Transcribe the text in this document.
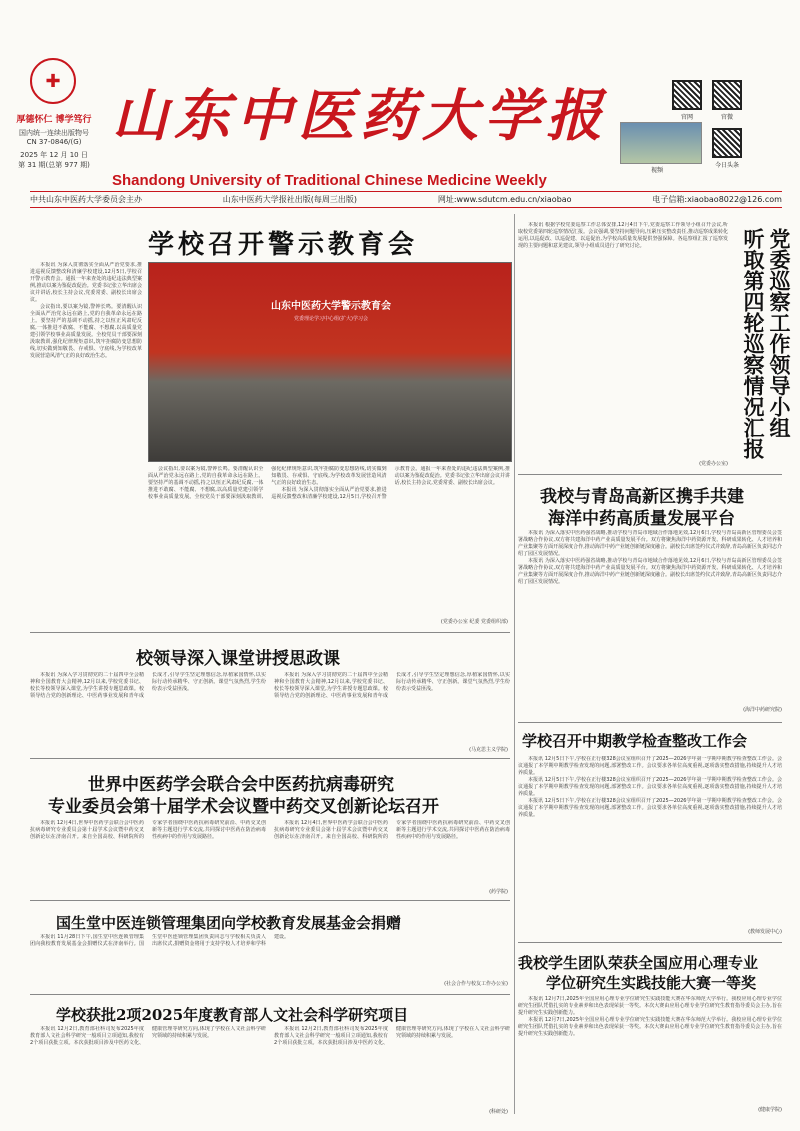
✚
厚德怀仁 博学笃行
国内统一连续出版物号
CN 37-0846/(G)
2025 年 12 月 10 日
第 31 期(总第 977 期)
山东中医药大学报
Shandong University of Traditional Chinese Medicine Weekly
官网	官微
今日头条
视频
中共山东中医药大学委员会主办	山东中医药大学报社出版(每周三出版)	网址:www.sdutcm.edu.cn/xiaobao	电子信箱:xiaobao8022@126.com
学校召开警示教育会

本报讯 为深入贯彻落实全面从严治党要求,推进巡视反馈整改和清廉学校建设,12月5日,学校召开警示教育会。通报一年来查处的违纪违法典型案例,推动以案为鉴促改促治。党委书记张立华出席会议并讲话,校长主持会议,党委常委、副校长出席会议。

会议指出,要以案为镜,警钟长鸣。要清醒认识全面从严治党永远在路上,党的自我革命永远在路上。要坚持严的基调不动摇,持之以恒正风肃纪反腐,一体推进不敢腐、不能腐、不想腐,以高质量党建引领学校事业高质量发展。全校党员干部要深刻汲取教训,强化纪律规矩意识,筑牢拒腐防变思想防线,切实做到知敬畏、存戒惧、守底线,为学校改革发展营造风清气正的良好政治生态。

山东中医药大学警示教育会
党委理论学习中心组(扩大)学习会

会议指出,要以案为镜,警钟长鸣。要清醒认识全面从严治党永远在路上,党的自我革命永远在路上。要坚持严的基调不动摇,持之以恒正风肃纪反腐,一体推进不敢腐、不能腐、不想腐,以高质量党建引领学校事业高质量发展。全校党员干部要深刻汲取教训,强化纪律规矩意识,筑牢拒腐防变思想防线,切实做到知敬畏、存戒惧、守底线,为学校改革发展营造风清气正的良好政治生态。

本报讯 为深入贯彻落实全面从严治党要求,推进巡视反馈整改和清廉学校建设,12月5日,学校召开警示教育会。通报一年来查处的违纪违法典型案例,推动以案为鉴促改促治。党委书记张立华出席会议并讲话,校长主持会议,党委常委、副校长出席会议。

(党委办公室 纪委 党委组织部)

本报讯 根据学校党委巡察工作总体安排,12月4日下午,党委巡察工作领导小组召开会议,听取校党委第四轮巡察情况汇报。会议强调,要坚持问题导向,压紧压实整改责任,推动巡察成果转化运用,以巡促改、以巡促建、以巡促治,为学校高质量发展提供坚强保障。各巡察组汇报了巡察发现的主要问题和意见建议,领导小组成员进行了研究讨论。

(党委办公室)
党委巡察工作领导小组
听取第四轮巡察情况汇报
我校与青岛高新区携手共建
海洋中药高质量发展平台

本报讯 为深入落实中医药强省战略,推动学校与青岛市地域合作落地见效,12月6日,学校与青岛高新区管理委员会签署战略合作协议,双方将共建海洋中药产业高质量发展平台。双方将聚焦海洋中药资源开发、科研成果转化、人才培养和产业集聚等方面开展深度合作,推动海洋中药产业链创新链深度融合。副校长出席签约仪式并致辞,青岛高新区负责同志介绍了园区发展情况。

本报讯 为深入落实中医药强省战略,推动学校与青岛市地域合作落地见效,12月6日,学校与青岛高新区管理委员会签署战略合作协议,双方将共建海洋中药产业高质量发展平台。双方将聚焦海洋中药资源开发、科研成果转化、人才培养和产业集聚等方面开展深度合作,推动海洋中药产业链创新链深度融合。副校长出席签约仪式并致辞,青岛高新区负责同志介绍了园区发展情况。

(海洋中药研究院)
校领导深入课堂讲授思政课

本报讯 为深入学习贯彻党的二十届四中全会精神和全国教育大会精神,12月以来,学校党委书记、校长等校领导深入课堂,为学生讲授专题思政课。校领导结合党的创新理论、中医药事业发展和青年成长成才,引导学生坚定理想信念,厚植家国情怀,以实际行动传承精华、守正创新。课堂气氛热烈,学生纷纷表示受益匪浅。

本报讯 为深入学习贯彻党的二十届四中全会精神和全国教育大会精神,12月以来,学校党委书记、校长等校领导深入课堂,为学生讲授专题思政课。校领导结合党的创新理论、中医药事业发展和青年成长成才,引导学生坚定理想信念,厚植家国情怀,以实际行动传承精华、守正创新。课堂气氛热烈,学生纷纷表示受益匪浅。

(马克思主义学院)
世界中医药学会联合会中医药抗病毒研究
专业委员会第十届学术会议暨中药交叉创新论坛召开

本报讯 12月4日,世界中医药学会联合会中医药抗病毒研究专业委员会第十届学术会议暨中药交叉创新论坛在济南召开。来自全国高校、科研院所的专家学者围绕中医药抗病毒研究前沿、中药交叉创新等主题进行学术交流,共同探讨中医药在防治病毒性疾病中的作用与发展路径。

本报讯 12月4日,世界中医药学会联合会中医药抗病毒研究专业委员会第十届学术会议暨中药交叉创新论坛在济南召开。来自全国高校、科研院所的专家学者围绕中医药抗病毒研究前沿、中药交叉创新等主题进行学术交流,共同探讨中医药在防治病毒性疾病中的作用与发展路径。

(药学院)
学校召开中期教学检查整改工作会

本报讯 12月5日下午,学校在正行楼328会议室组织召开了2025—2026学年第一学期中期教学检查整改工作会。会议通报了本学期中期教学检查发现的问题,部署整改工作。会议要求各单位高度重视,逐项落实整改措施,持续提升人才培养质量。

本报讯 12月5日下午,学校在正行楼328会议室组织召开了2025—2026学年第一学期中期教学检查整改工作会。会议通报了本学期中期教学检查发现的问题,部署整改工作。会议要求各单位高度重视,逐项落实整改措施,持续提升人才培养质量。

本报讯 12月5日下午,学校在正行楼328会议室组织召开了2025—2026学年第一学期中期教学检查整改工作会。会议通报了本学期中期教学检查发现的问题,部署整改工作。会议要求各单位高度重视,逐项落实整改措施,持续提升人才培养质量。

(教师发展中心)
国生堂中医连锁管理集团向学校教育发展基金会捐赠

本报讯 11月28日下午,国生堂中医连锁管理集团向我校教育发展基金会捐赠仪式在济南举行。国生堂中医连锁管理集团负责同志与学校相关负责人出席仪式,捐赠资金将用于支持学校人才培养和学科建设。

(社会合作与校友工作办公室)
我校学生团队荣获全国应用心理专业
学位研究生实践技能大赛一等奖

本报讯 12月7日,2025年全国应用心理专业学位研究生实践技能大赛在华东师范大学举行。我校应用心理专业学位研究生团队凭借扎实的专业素养和出色表现荣获一等奖。本次大赛由应用心理专业学位研究生教育指导委员会主办,旨在提升研究生实践创新能力。

本报讯 12月7日,2025年全国应用心理专业学位研究生实践技能大赛在华东师范大学举行。我校应用心理专业学位研究生团队凭借扎实的专业素养和出色表现荣获一等奖。本次大赛由应用心理专业学位研究生教育指导委员会主办,旨在提升研究生实践创新能力。

(健康学院)
学校获批2项2025年度教育部人文社会科学研究项目

本报讯 12月2日,教育部社科司发布2025年度教育部人文社会科学研究一般项目立项通知,我校有2个项目获批立项。本次获批项目涉及中医药文化、健康管理等研究方向,体现了学校在人文社会科学研究领域的持续积累与发展。

本报讯 12月2日,教育部社科司发布2025年度教育部人文社会科学研究一般项目立项通知,我校有2个项目获批立项。本次获批项目涉及中医药文化、健康管理等研究方向,体现了学校在人文社会科学研究领域的持续积累与发展。

(科研处)
